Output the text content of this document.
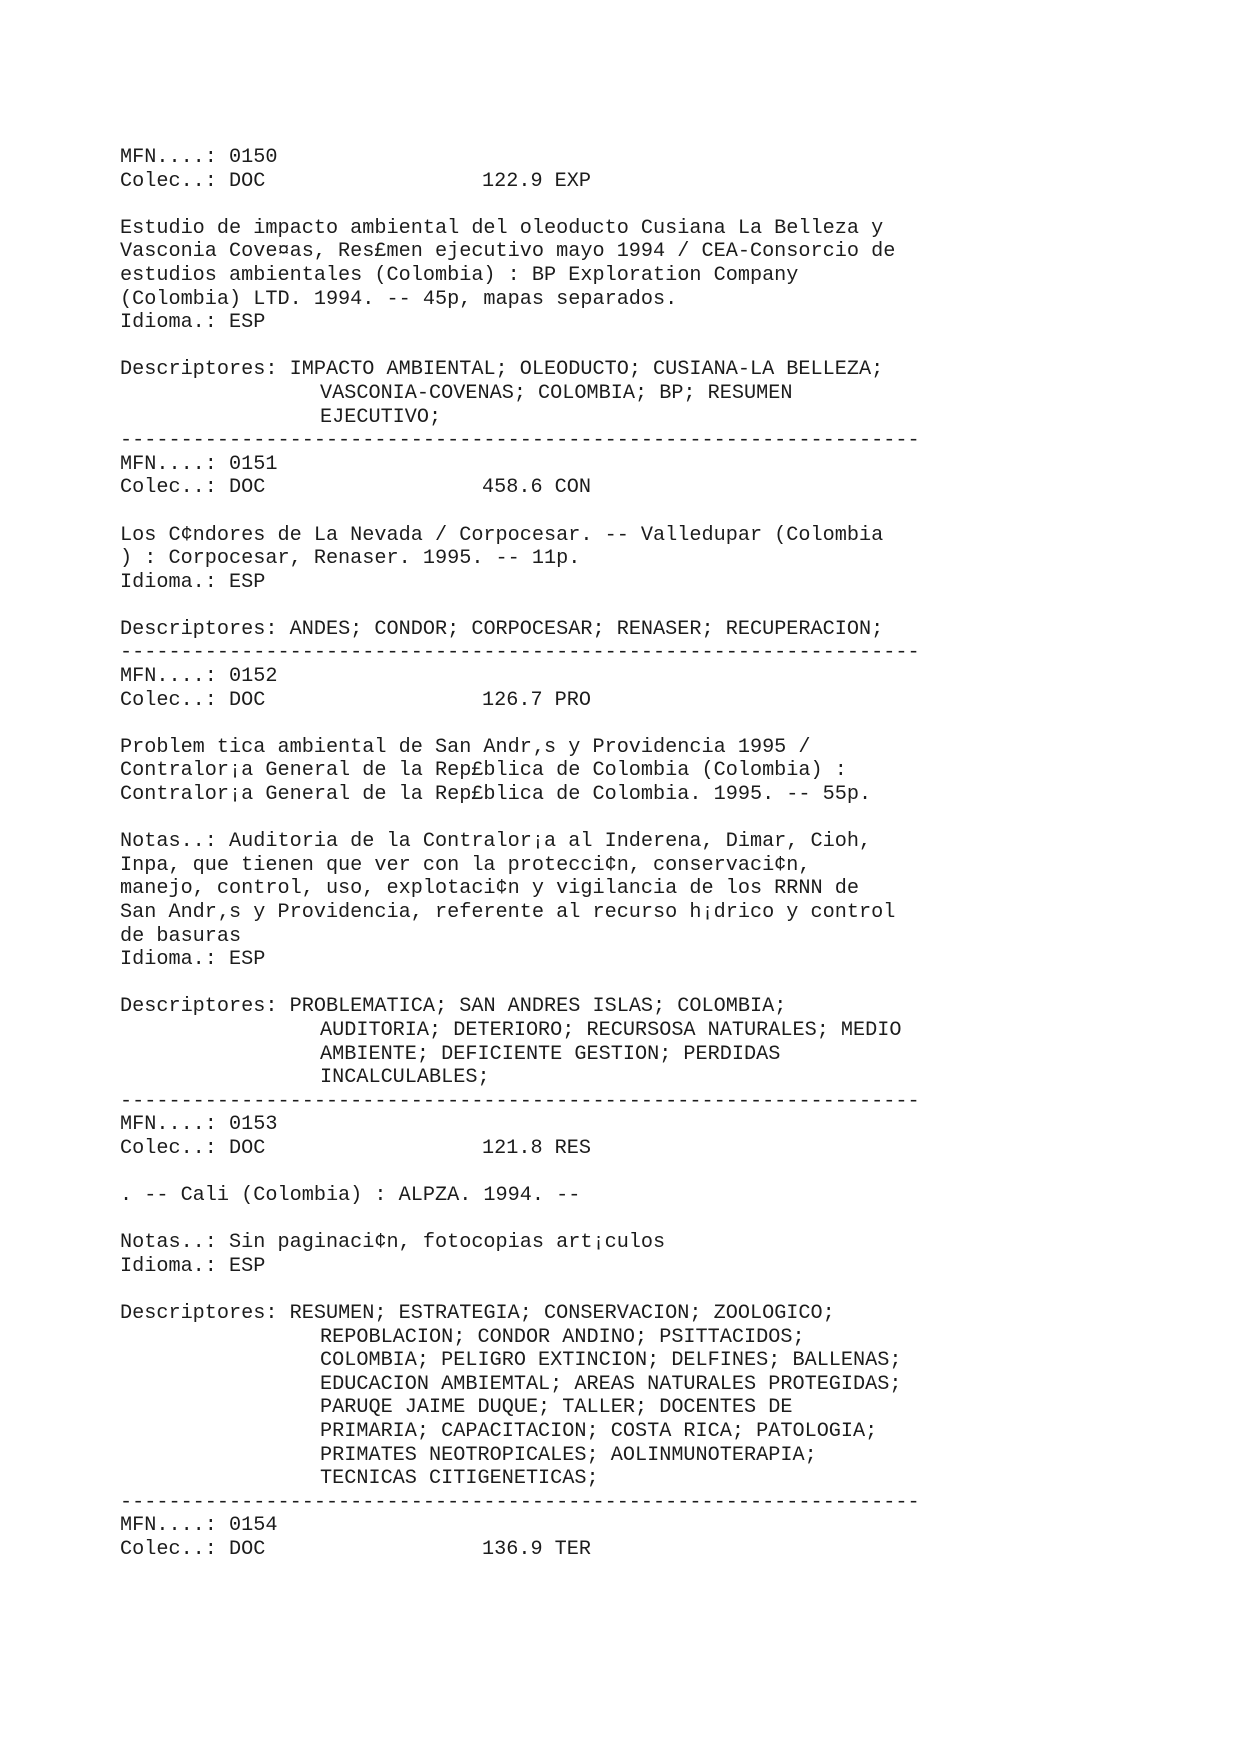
MFN....: 0150
Colec..: DOC	122.9 EXP
Estudio de impacto ambiental del oleoducto Cusiana La Belleza y
Vasconia Cove¤as, Res£men ejecutivo mayo 1994 / CEA-Consorcio de
estudios ambientales (Colombia) : BP Exploration Company
(Colombia) LTD. 1994. -- 45p, mapas separados.
Idioma.: ESP
Descriptores: IMPACTO AMBIENTAL; OLEODUCTO; CUSIANA-LA BELLEZA;
VASCONIA-COVENAS; COLOMBIA; BP; RESUMEN
EJECUTIVO;
------------------------------------------------------------------
MFN....: 0151
Colec..: DOC	458.6 CON
Los C¢ndores de La Nevada / Corpocesar. -- Valledupar (Colombia
) : Corpocesar, Renaser. 1995. -- 11p.
Idioma.: ESP
Descriptores: ANDES; CONDOR; CORPOCESAR; RENASER; RECUPERACION;
------------------------------------------------------------------
MFN....: 0152
Colec..: DOC	126.7 PRO
Problem tica ambiental de San Andr‚s y Providencia 1995 /
Contralor¡a General de la Rep£blica de Colombia (Colombia) :
Contralor¡a General de la Rep£blica de Colombia. 1995. -- 55p.
Notas..: Auditoria de la Contralor¡a al Inderena, Dimar, Cioh,
Inpa, que tienen que ver con la protecci¢n, conservaci¢n,
manejo, control, uso, explotaci¢n y vigilancia de los RRNN de
San Andr‚s y Providencia, referente al recurso h¡drico y control
de basuras
Idioma.: ESP
Descriptores: PROBLEMATICA; SAN ANDRES ISLAS; COLOMBIA;
AUDITORIA; DETERIORO; RECURSOSA NATURALES; MEDIO
AMBIENTE; DEFICIENTE GESTION; PERDIDAS
INCALCULABLES;
------------------------------------------------------------------
MFN....: 0153
Colec..: DOC	121.8 RES
. -- Cali (Colombia) : ALPZA. 1994. --
Notas..: Sin paginaci¢n, fotocopias art¡culos
Idioma.: ESP
Descriptores: RESUMEN; ESTRATEGIA; CONSERVACION; ZOOLOGICO;
REPOBLACION; CONDOR ANDINO; PSITTACIDOS;
COLOMBIA; PELIGRO EXTINCION; DELFINES; BALLENAS;
EDUCACION AMBIEMTAL; AREAS NATURALES PROTEGIDAS;
PARUQE JAIME DUQUE; TALLER; DOCENTES DE
PRIMARIA; CAPACITACION; COSTA RICA; PATOLOGIA;
PRIMATES NEOTROPICALES; AOLINMUNOTERAPIA;
TECNICAS CITIGENETICAS;
------------------------------------------------------------------
MFN....: 0154
Colec..: DOC	136.9 TER
